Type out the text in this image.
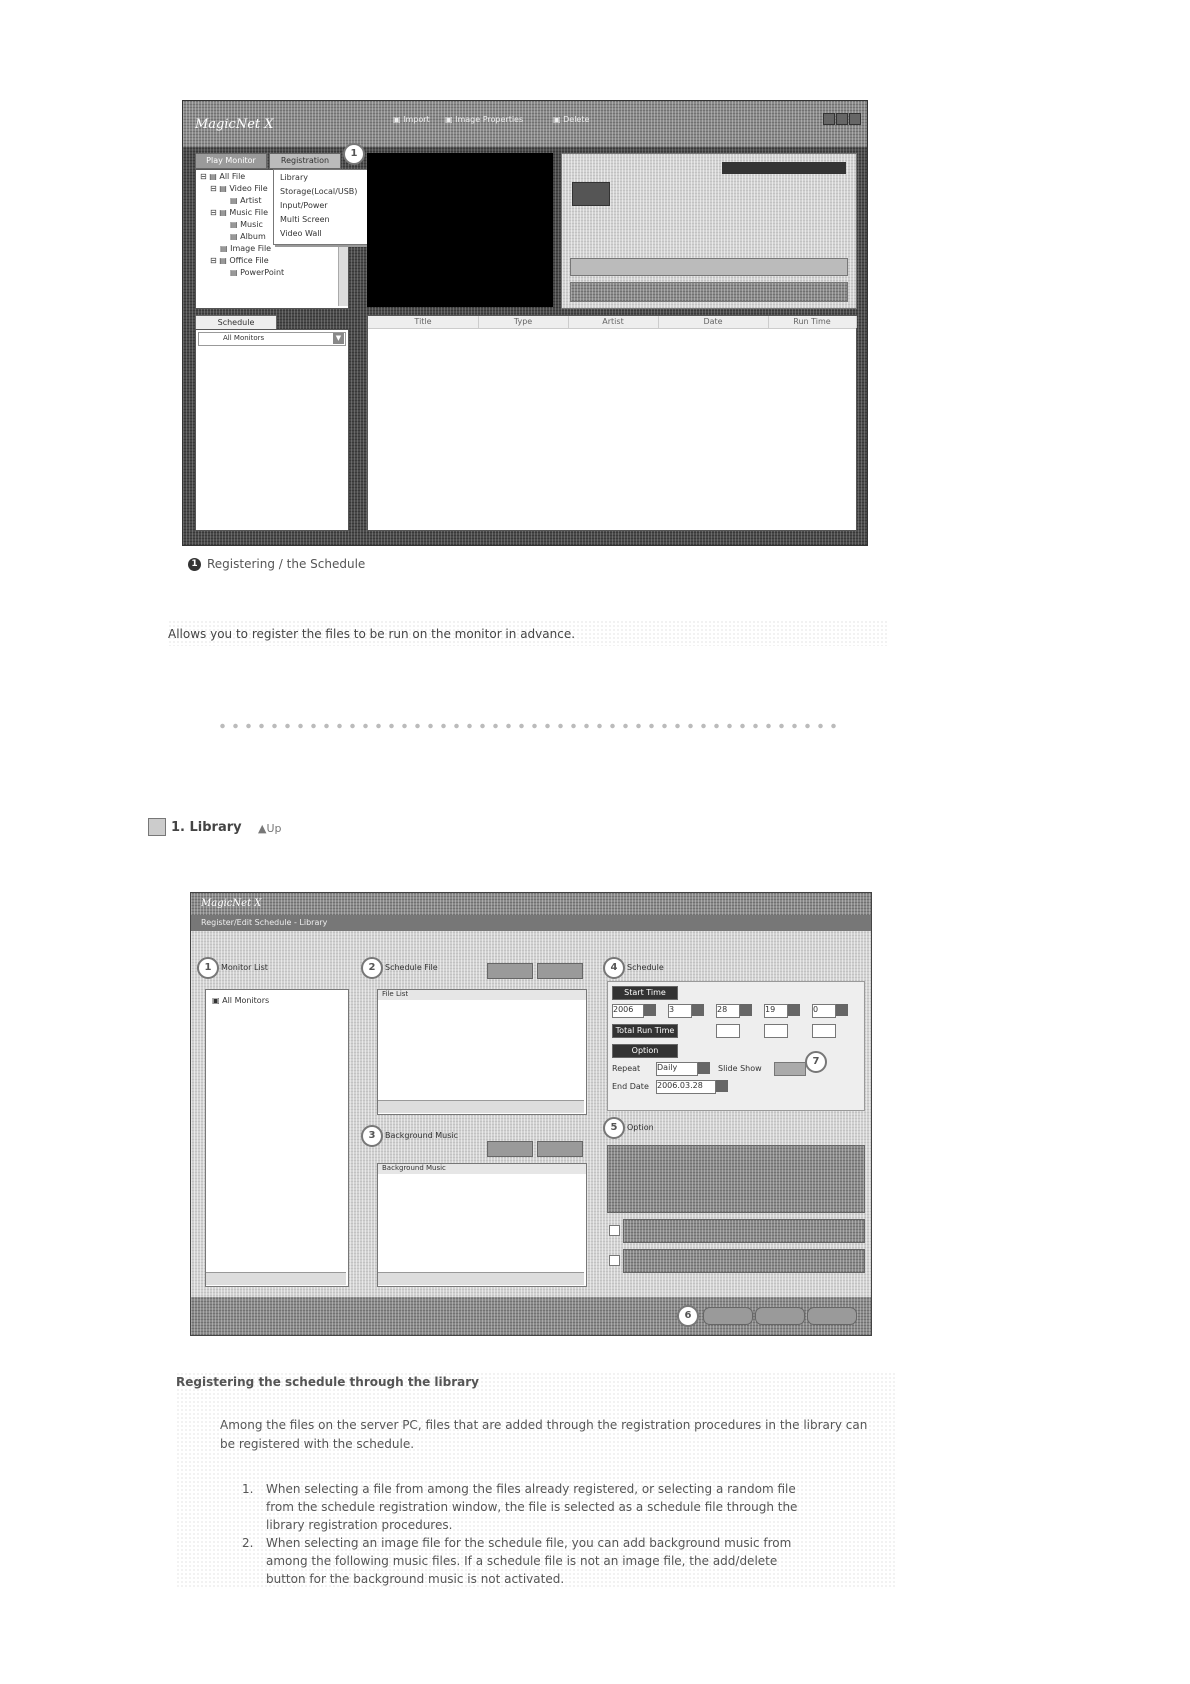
MagicNet X	▣ Import ▣ Image Properties	▣ Delete
Play Monitor	Registration
1
⊟ ▤ All File
⊟ ▤ Video File
▤ Artist
⊟ ▤ Music File
▤ Music
▤ Album
▤ Image File
⊟ ▤ Office File
▤ PowerPoint
Library
Storage(Local/USB)
Input/Power
Multi Screen
Video Wall
Schedule
All Monitors	▼
Title	Type	Artist	Date	Run Time
1 Registering / the Schedule
Allows you to register the files to be run on the monitor in advance.
1. Library ▲Up
MagicNet X
Register/Edit Schedule - Library
1	Monitor List
▣ All Monitors
2	Schedule File
File List
3	Background Music
Background Music
4	Schedule
Start Time
2006	3	28	19	0
Total Run Time
Option
Repeat Daily	Slide Show
End Date 2006.03.28
7
5	Option
6
Registering the schedule through the library
Among the files on the server PC, files that are added through the registration procedures in the library can be registered with the schedule.
1. When selecting a file from among the files already registered, or selecting a random file
from the schedule registration window, the file is selected as a schedule file through the
library registration procedures.
2. When selecting an image file for the schedule file, you can add background music from
among the following music files. If a schedule file is not an image file, the add/delete
button for the background music is not activated.
